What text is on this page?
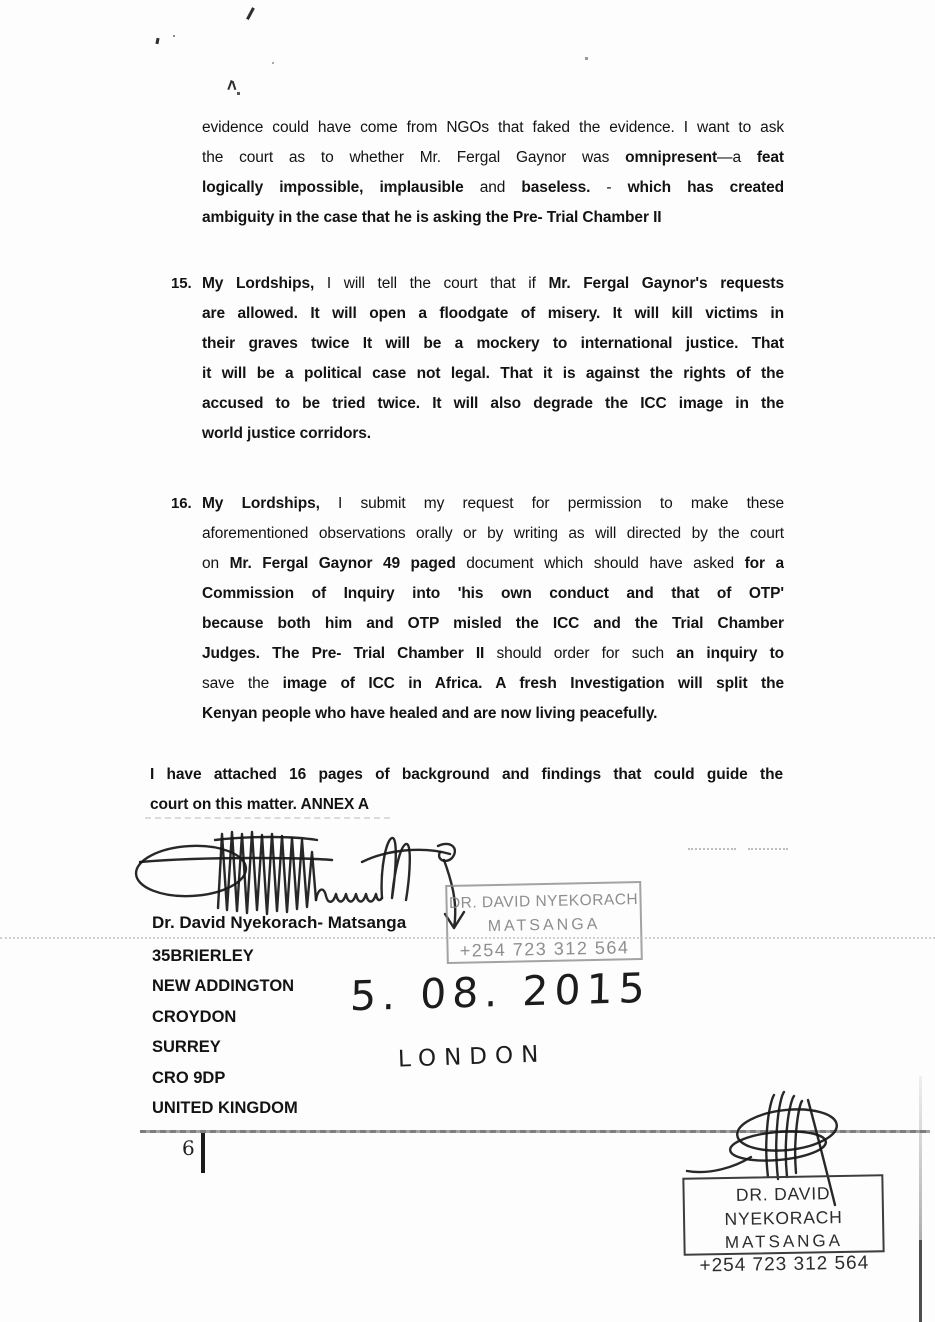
evidence could have come from NGOs that faked the evidence. I want to ask
the court as to whether Mr. Fergal Gaynor was omnipresent—a feat
logically impossible, implausible and baseless. - which has created
ambiguity in the case that he is asking the Pre- Trial Chamber II
15. My Lordships, I will tell the court that if Mr. Fergal Gaynor's requests
are allowed. It will open a floodgate of misery. It will kill victims in
their graves twice It will be a mockery to international justice. That
it will be a political case not legal. That it is against the rights of the
accused to be tried twice. It will also degrade the ICC image in the
world justice corridors.
16. My Lordships, I submit my request for permission to make these
aforementioned observations orally or by writing as will directed by the court
on Mr. Fergal Gaynor 49 paged document which should have asked for a
Commission of Inquiry into 'his own conduct and that of OTP'
because both him and OTP misled the ICC and the Trial Chamber
Judges. The Pre- Trial Chamber II should order for such an inquiry to
save the image of ICC in Africa. A fresh Investigation will split the
Kenyan people who have healed and are now living peacefully.
I have attached 16 pages of background and findings that could guide the
court on this matter. ANNEX A
DR. DAVID NYEKORACH
MATSANGA
+254 723 312 564
Dr. David Nyekorach- Matsanga
35BRIERLEY
NEW ADDINGTON
CROYDON
SURREY
CRO 9DP
UNITED KINGDOM
5. 08. 2015
LONDON
6
DR. DAVID NYEKORACH
MATSANGA
+254 723 312 564
